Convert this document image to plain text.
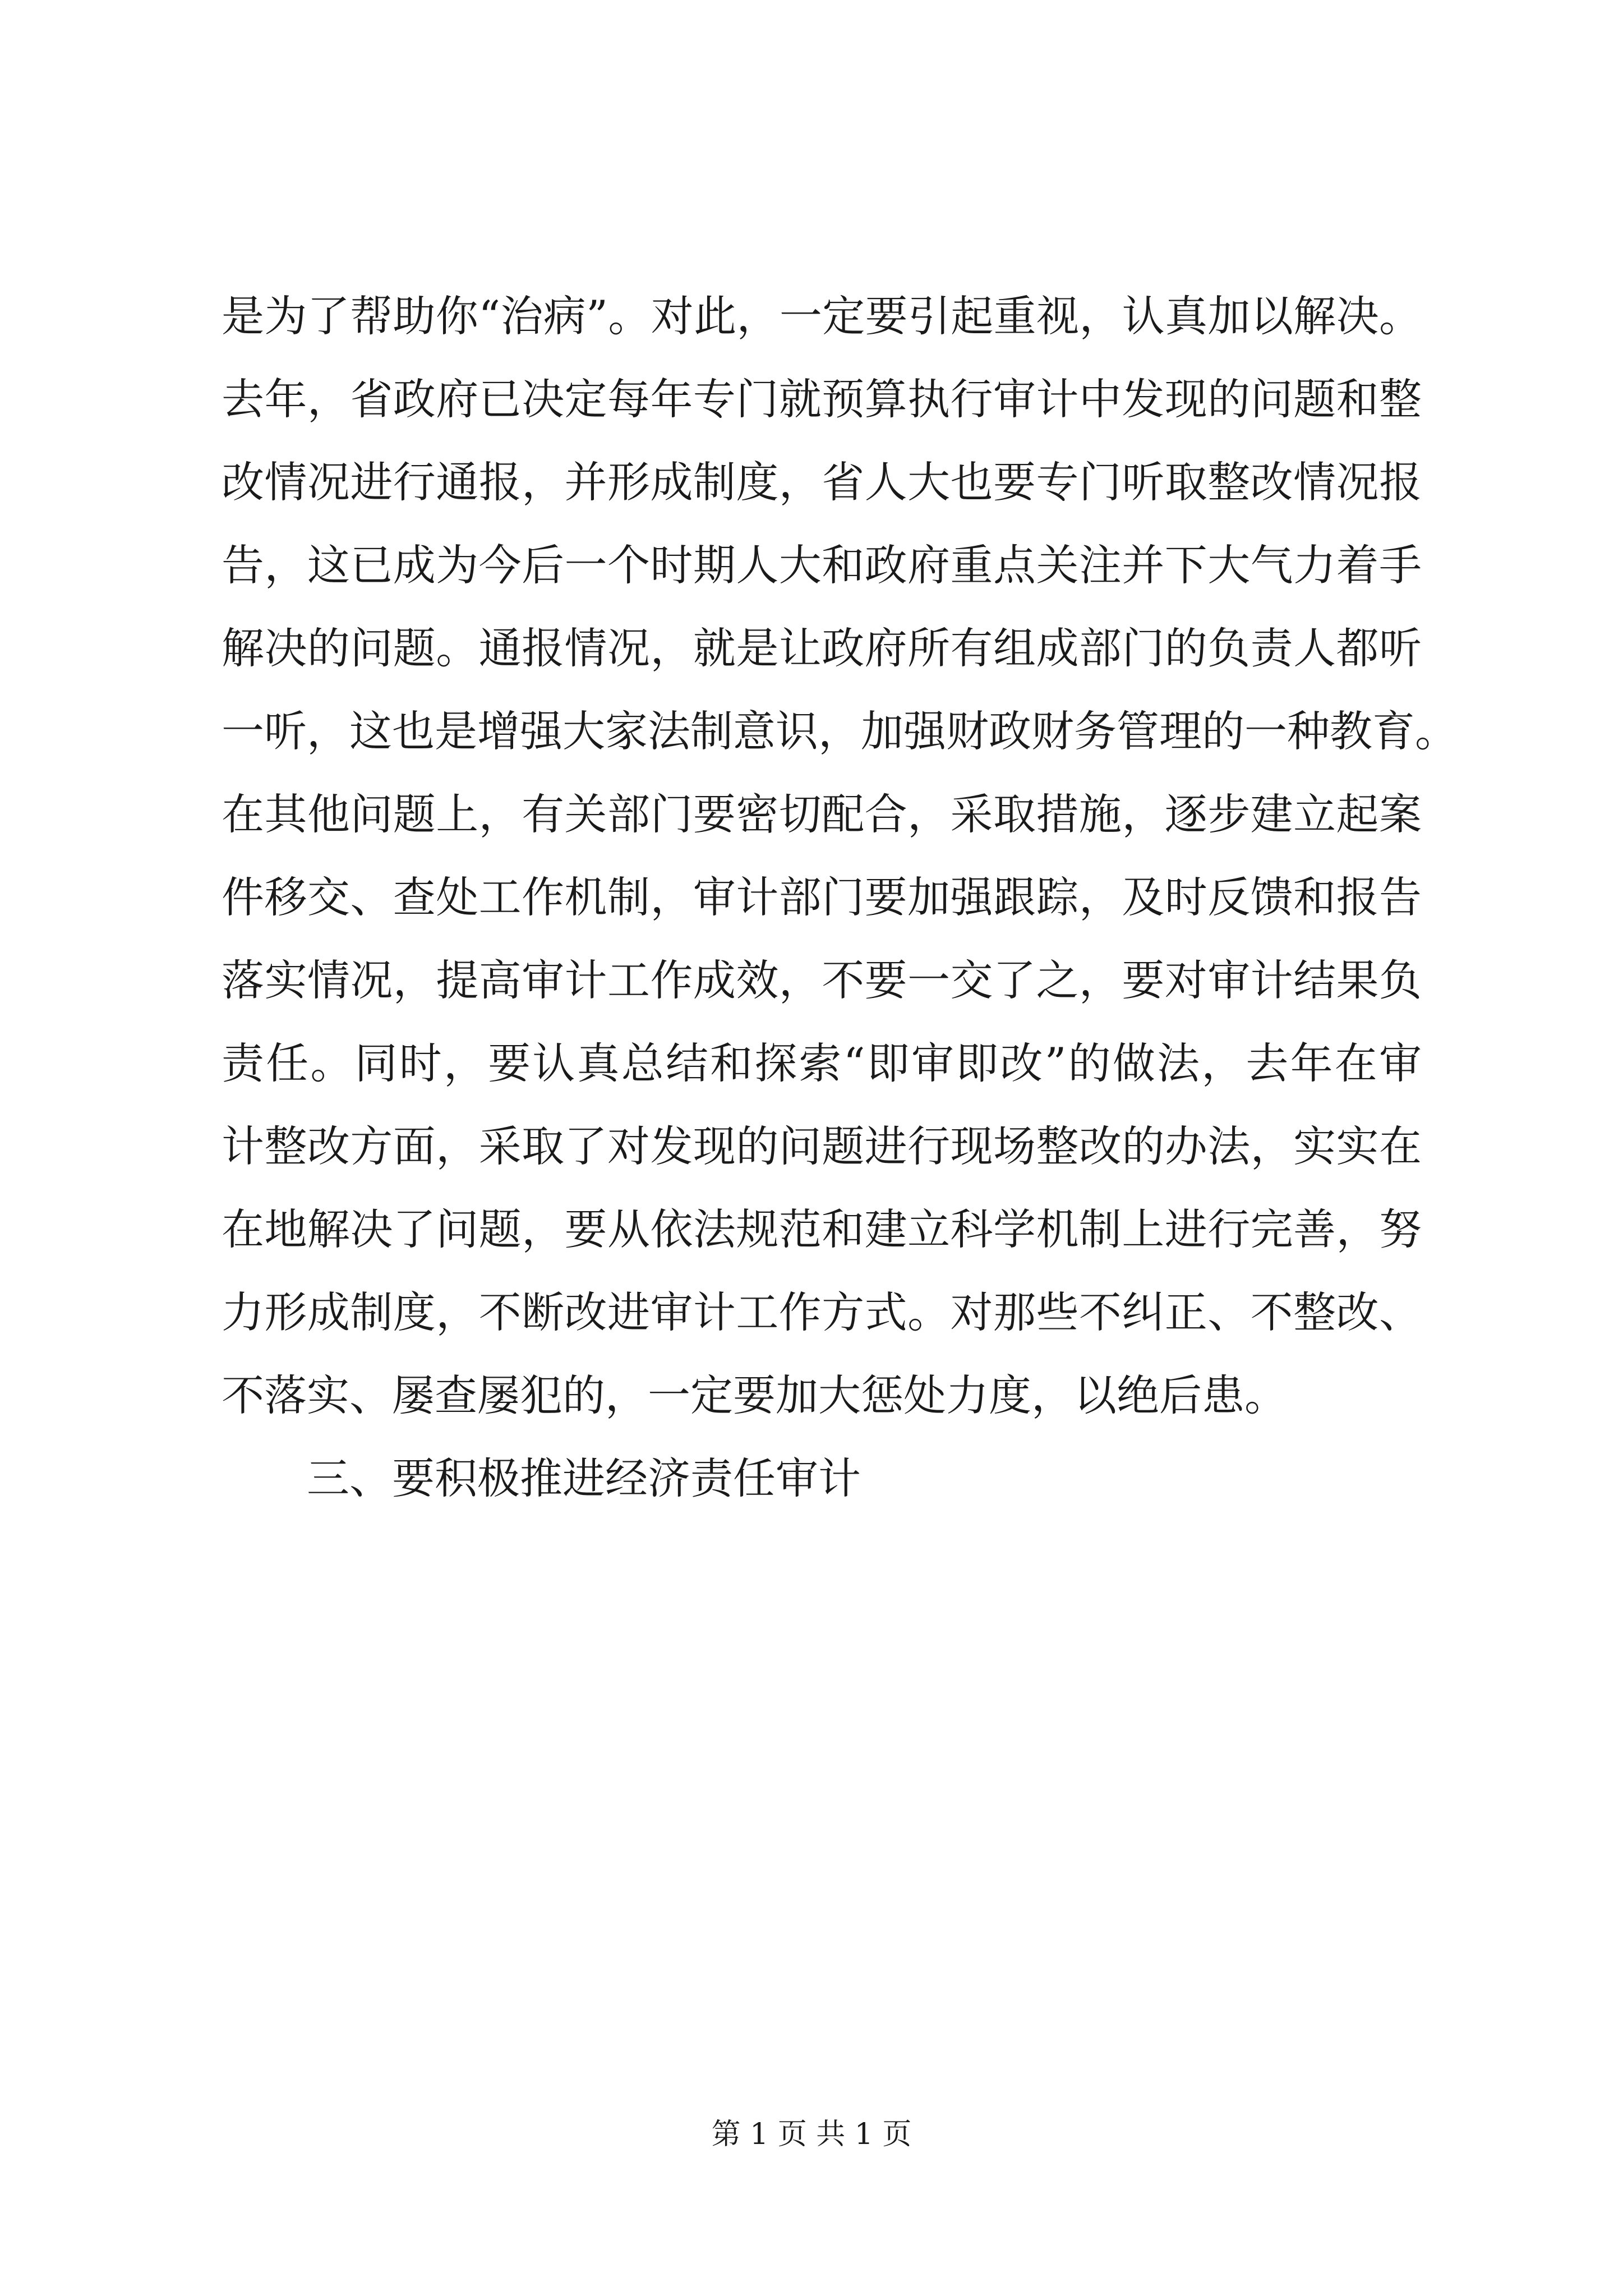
是为了帮助你“治病”。对此，一定要引起重视，认真加以解决。
去年，省政府已决定每年专门就预算执行审计中发现的问题和整
改情况进行通报，并形成制度，省人大也要专门听取整改情况报
告，这已成为今后一个时期人大和政府重点关注并下大气力着手
解决的问题。通报情况，就是让政府所有组成部门的负责人都听
一听，这也是增强大家法制意识，加强财政财务管理的一种教育。
在其他问题上，有关部门要密切配合，采取措施，逐步建立起案
件移交、查处工作机制，审计部门要加强跟踪，及时反馈和报告
落实情况，提高审计工作成效，不要一交了之，要对审计结果负
责任。同时，要认真总结和探索“即审即改”的做法，去年在审
计整改方面，采取了对发现的问题进行现场整改的办法，实实在
在地解决了问题，要从依法规范和建立科学机制上进行完善，努
力形成制度，不断改进审计工作方式。对那些不纠正、不整改、
不落实、屡查屡犯的，一定要加大惩处力度，以绝后患。
三、要积极推进经济责任审计
第 1 页 共 1 页
